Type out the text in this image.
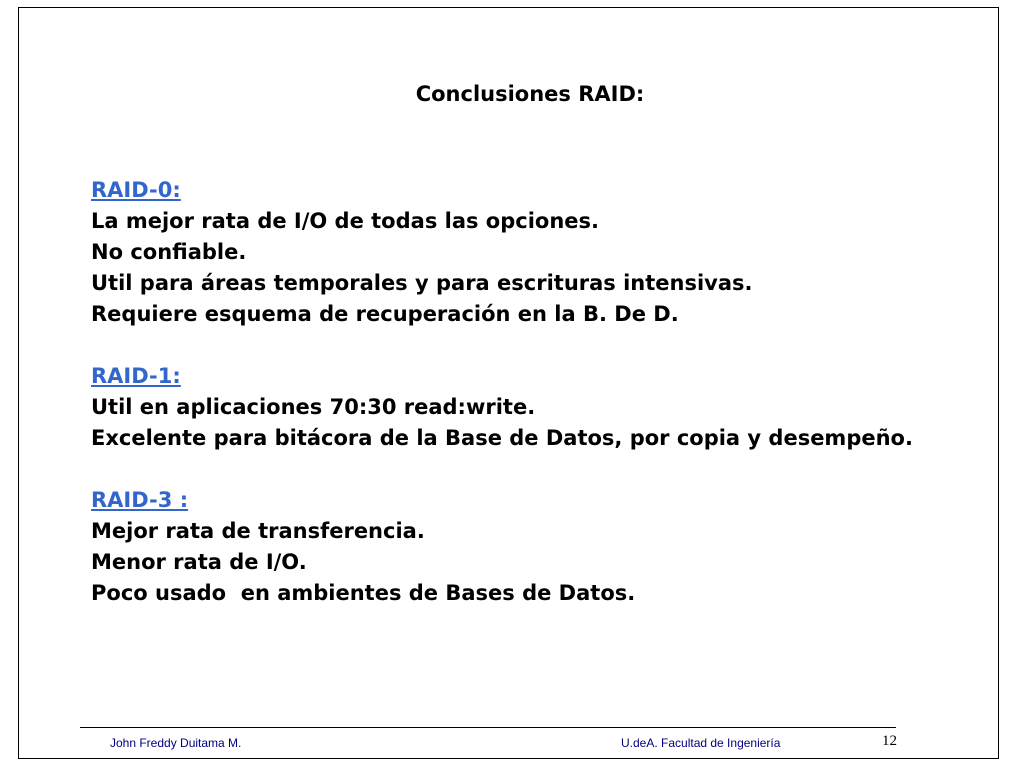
Conclusiones RAID:
RAID-0:
La mejor rata de I/O de todas las opciones.
No confiable.
Util para áreas temporales y para escrituras intensivas.
Requiere esquema de recuperación en la B. De D.
RAID-1:
Util en aplicaciones 70:30 read:write.
Excelente para bitácora de la Base de Datos, por copia y desempeño.
RAID-3 :
Mejor rata de transferencia.
Menor rata de I/O.
Poco usado  en ambientes de Bases de Datos.
John Freddy Duitama M.	U.deA. Facultad de Ingeniería	12
